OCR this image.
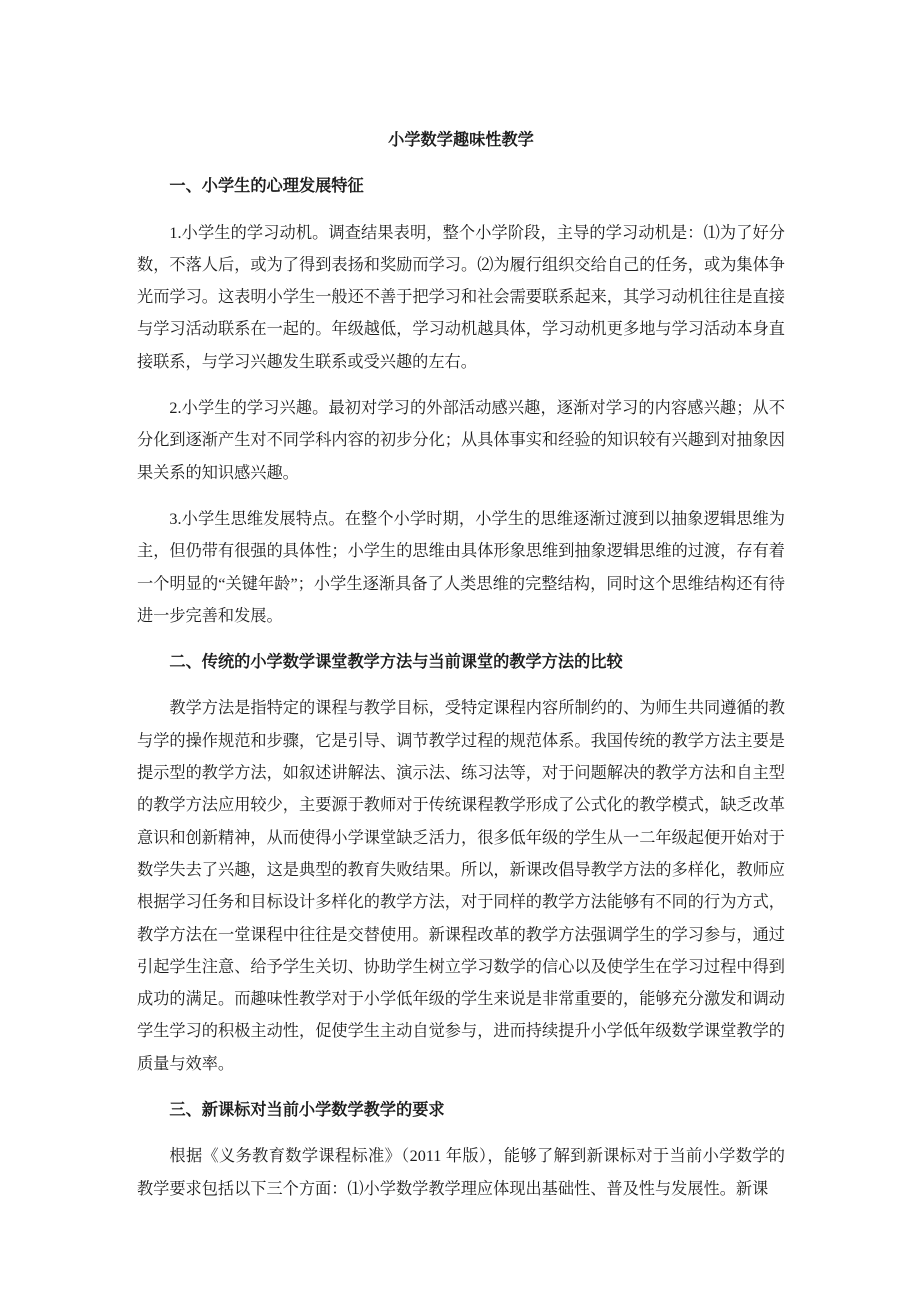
小学数学趣味性教学

一、小学生的心理发展特征

1.小学生的学习动机。调查结果表明，整个小学阶段，主导的学习动机是：⑴为了好分数，不落人后，或为了得到表扬和奖励而学习。⑵为履行组织交给自己的任务，或为集体争光而学习。这表明小学生一般还不善于把学习和社会需要联系起来，其学习动机往往是直接与学习活动联系在一起的。年级越低，学习动机越具体，学习动机更多地与学习活动本身直接联系，与学习兴趣发生联系或受兴趣的左右。

2.小学生的学习兴趣。最初对学习的外部活动感兴趣，逐渐对学习的内容感兴趣；从不分化到逐渐产生对不同学科内容的初步分化；从具体事实和经验的知识较有兴趣到对抽象因果关系的知识感兴趣。

3.小学生思维发展特点。在整个小学时期，小学生的思维逐渐过渡到以抽象逻辑思维为主，但仍带有很强的具体性；小学生的思维由具体形象思维到抽象逻辑思维的过渡，存有着一个明显的“关键年龄”；小学生逐渐具备了人类思维的完整结构，同时这个思维结构还有待进一步完善和发展。

二、传统的小学数学课堂教学方法与当前课堂的教学方法的比较

教学方法是指特定的课程与教学目标，受特定课程内容所制约的、为师生共同遵循的教与学的操作规范和步骤，它是引导、调节教学过程的规范体系。我国传统的教学方法主要是提示型的教学方法，如叙述讲解法、演示法、练习法等，对于问题解决的教学方法和自主型的教学方法应用较少，主要源于教师对于传统课程教学形成了公式化的教学模式，缺乏改革意识和创新精神，从而使得小学课堂缺乏活力，很多低年级的学生从一二年级起便开始对于数学失去了兴趣，这是典型的教育失败结果。所以，新课改倡导教学方法的多样化，教师应根据学习任务和目标设计多样化的教学方法，对于同样的教学方法能够有不同的行为方式，教学方法在一堂课程中往往是交替使用。新课程改革的教学方法强调学生的学习参与，通过引起学生注意、给予学生关切、协助学生树立学习数学的信心以及使学生在学习过程中得到成功的满足。而趣味性教学对于小学低年级的学生来说是非常重要的，能够充分激发和调动学生学习的积极主动性，促使学生主动自觉参与，进而持续提升小学低年级数学课堂教学的质量与效率。

三、新课标对当前小学数学教学的要求

根据《义务教育数学课程标准》（2011 年版），能够了解到新课标对于当前小学数学的教学要求包括以下三个方面：⑴小学数学教学理应体现出基础性、普及性与发展性。新课
